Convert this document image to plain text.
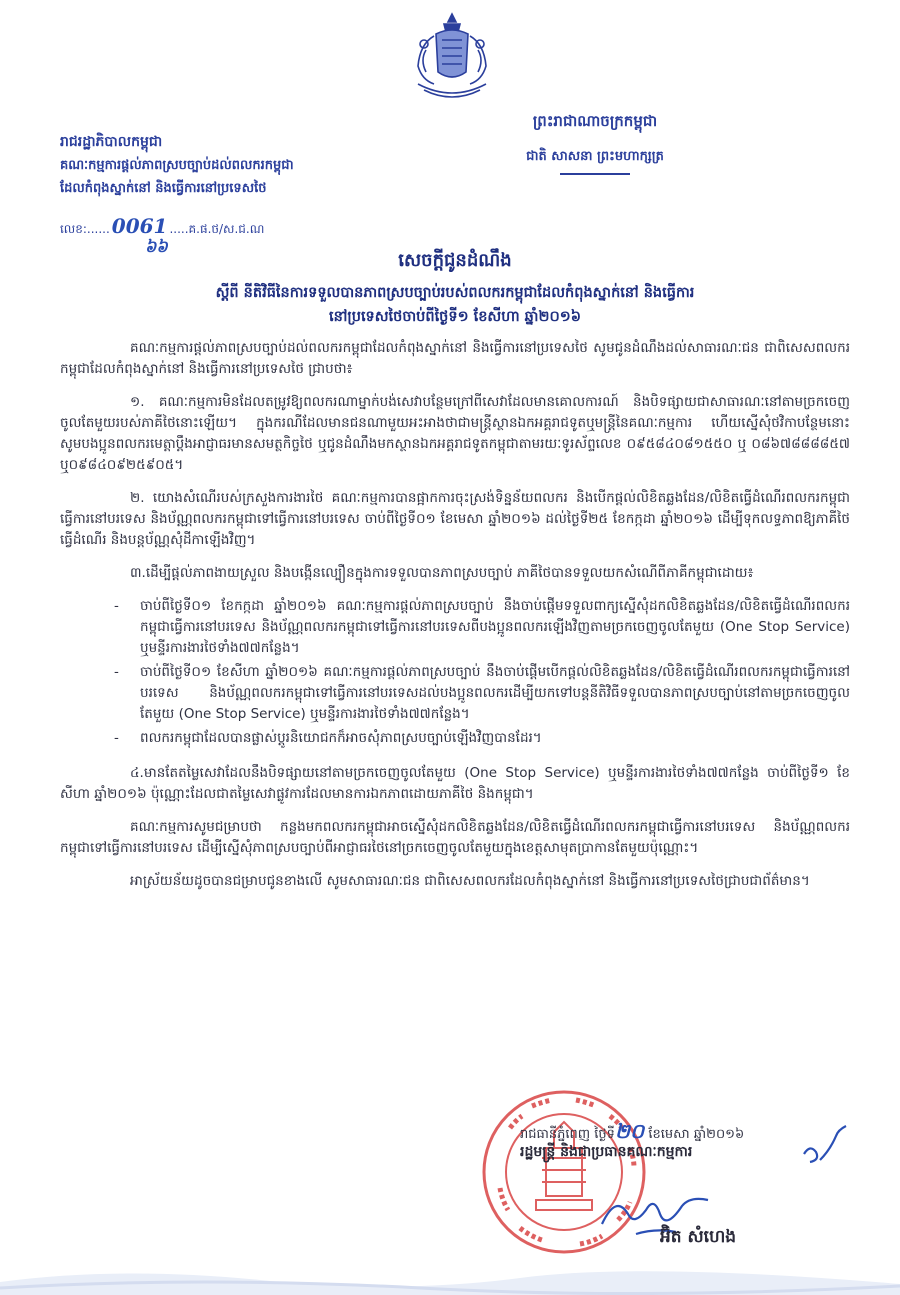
ព្រះរាជាណាចក្រកម្ពុជា
ជាតិ សាសនា ព្រះមហាក្សត្រ
រាជរដ្ឋាភិបាលកម្ពុជា
គណៈកម្មការផ្ដល់ភាពស្របច្បាប់ដល់ពលករកម្ពុជា
ដែលកំពុងស្នាក់នៅ និងធ្វើការនៅប្រទេសថៃ
លេខ:...... 0061 .....គ.ផ.ថ/ស.ជ.ណ
៦៦
សេចក្ដីជូនដំណឹង
ស្ដីពី នីតិវិធីនៃការទទួលបានភាពស្របច្បាប់របស់ពលករកម្ពុជាដែលកំពុងស្នាក់នៅ និងធ្វើការ
នៅប្រទេសថៃចាប់ពីថ្ងៃទី១ ខែសីហា ឆ្នាំ២០១៦

គណៈកម្មការផ្ដល់ភាពស្របច្បាប់ដល់ពលករកម្ពុជាដែលកំពុងស្នាក់នៅ និងធ្វើការនៅប្រទេសថៃ សូមជូនដំណឹងដល់សាធារណៈជន ជាពិសេសពលករកម្ពុជាដែលកំពុងស្នាក់នៅ និងធ្វើការនៅប្រទេសថៃ ជ្រាបថា៖

១. គណៈកម្មការមិនដែលតម្រូវឱ្យពលករណាម្នាក់បង់សេវាបន្ថែមក្រៅពីសេវាដែលមានគោលការណ៍ និងបិទផ្សាយជាសាធារណៈនៅតាមច្រកចេញចូលតែមួយរបស់ភាគីថៃនោះឡើយ។ ក្នុងករណីដែលមានជនណាមួយអះអាងថាជាមន្ត្រីស្ថានឯកអគ្គរាជទូតឬមន្ត្រីនៃគណៈកម្មការ ហើយស្នើសុំថវិកាបន្ថែមនោះសូមបងប្អូនពលករមេត្តាប្ដឹងអាជ្ញាធរមានសមត្ថកិច្ចថៃ ឬជូនដំណឹងមកស្ថានឯកអគ្គរាជទូតកម្ពុជាតាមរយៈទូរស័ព្ទលេខ ០៩៥៨៤០៨១៥៥០ ឬ ០៨៦៧៨៨៨៨៥៧ ឬ០៩៨៤០៩២៥៩០៥។

២. យោងសំណើរបស់ក្រសួងការងារថៃ គណៈកម្មការបានផ្អាកការចុះស្រង់ទិន្នន័យពលករ និងបើកផ្ដល់លិខិតឆ្លងដែន/លិខិតធ្វើដំណើរពលករកម្ពុជាធ្វើការនៅបរទេស និងប័ណ្ណពលករកម្ពុជាទៅធ្វើការនៅបរទេស ចាប់ពីថ្ងៃទី០១ ខែមេសា ឆ្នាំ២០១៦ ដល់ថ្ងៃទី២៥ ខែកក្កដា ឆ្នាំ២០១៦ ដើម្បីទុកលទ្ធភាពឱ្យភាគីថៃធ្វើដំណើរ និងបន្តប័ណ្ណសុំដីកាឡើងវិញ។

៣.ដើម្បីផ្ដល់ភាពងាយស្រួល និងបង្កើនល្បឿនក្នុងការទទួលបានភាពស្របច្បាប់ ភាគីថៃបានទទួលយកសំណើពីភាគីកម្ពុជាដោយ៖

- ចាប់ពីថ្ងៃទី០១ ខែកក្កដា ឆ្នាំ២០១៦ គណៈកម្មការផ្ដល់ភាពស្របច្បាប់ នឹងចាប់ផ្ដើមទទួលពាក្យស្នើសុំដកលិខិតឆ្លងដែន/លិខិតធ្វើដំណើរពលករកម្ពុជាធ្វើការនៅបរទេស និងប័ណ្ណពលករកម្ពុជាទៅធ្វើការនៅបរទេសពីបងប្អូនពលករឡើងវិញតាមច្រកចេញចូលតែមួយ (One Stop Service) ឬមន្ទីរការងារថៃទាំង៧៧កន្លែង។
- ចាប់ពីថ្ងៃទី០១ ខែសីហា ឆ្នាំ២០១៦ គណៈកម្មការផ្ដល់ភាពស្របច្បាប់ នឹងចាប់ផ្ដើមបើកផ្ដល់លិខិតឆ្លងដែន/លិខិតធ្វើដំណើរពលករកម្ពុជាធ្វើការនៅបរទេស និងប័ណ្ណពលករកម្ពុជាទៅធ្វើការនៅបរទេសដល់បងប្អូនពលករដើម្បីយកទៅបន្តនីតិវិធីទទួលបានភាពស្របច្បាប់នៅតាមច្រកចេញចូលតែមួយ (One Stop Service) ឬមន្ទីរការងារថៃទាំង៧៧កន្លែង។
- ពលករកម្ពុជាដែលបានផ្លាស់ប្ដូរនិយោជកក៏អាចសុំភាពស្របច្បាប់ឡើងវិញបានដែរ។

៤.មានតែតម្លៃសេវាដែលនឹងបិទផ្សាយនៅតាមច្រកចេញចូលតែមួយ (One Stop Service) ឬមន្ទីរការងារថៃទាំង៧៧កន្លែង ចាប់ពីថ្ងៃទី១ ខែសីហា ឆ្នាំ២០១៦ ប៉ុណ្ណោះដែលជាតម្លៃសេវាផ្លូវការដែលមានការឯកភាពដោយភាគីថៃ និងកម្ពុជា។

គណៈកម្មការសូមជម្រាបថា កន្លងមកពលករកម្ពុជាអាចស្នើសុំដកលិខិតឆ្លងដែន/លិខិតធ្វើដំណើរពលករកម្ពុជាធ្វើការនៅបរទេស និងប័ណ្ណពលករកម្ពុជាទៅធ្វើការនៅបរទេស ដើម្បីស្នើសុំភាពស្របច្បាប់ពីអាជ្ញាធរថៃនៅច្រកចេញចូលតែមួយក្នុងខេត្តសាមុតប្រាកានតែមួយប៉ុណ្ណោះ។

អាស្រ័យន័យដូចបានជម្រាបជូនខាងលើ សូមសាធារណៈជន ជាពិសេសពលករដែលកំពុងស្នាក់នៅ និងធ្វើការនៅប្រទេសថៃជ្រាបជាព័ត៌មាន។

រាជធានីភ្នំពេញ ថ្ងៃទី២០ ខែមេសា ឆ្នាំ២០១៦
រដ្ឋមន្ត្រី និងជាប្រធានគណៈកម្មការ
អ៊ិត សំហេង
